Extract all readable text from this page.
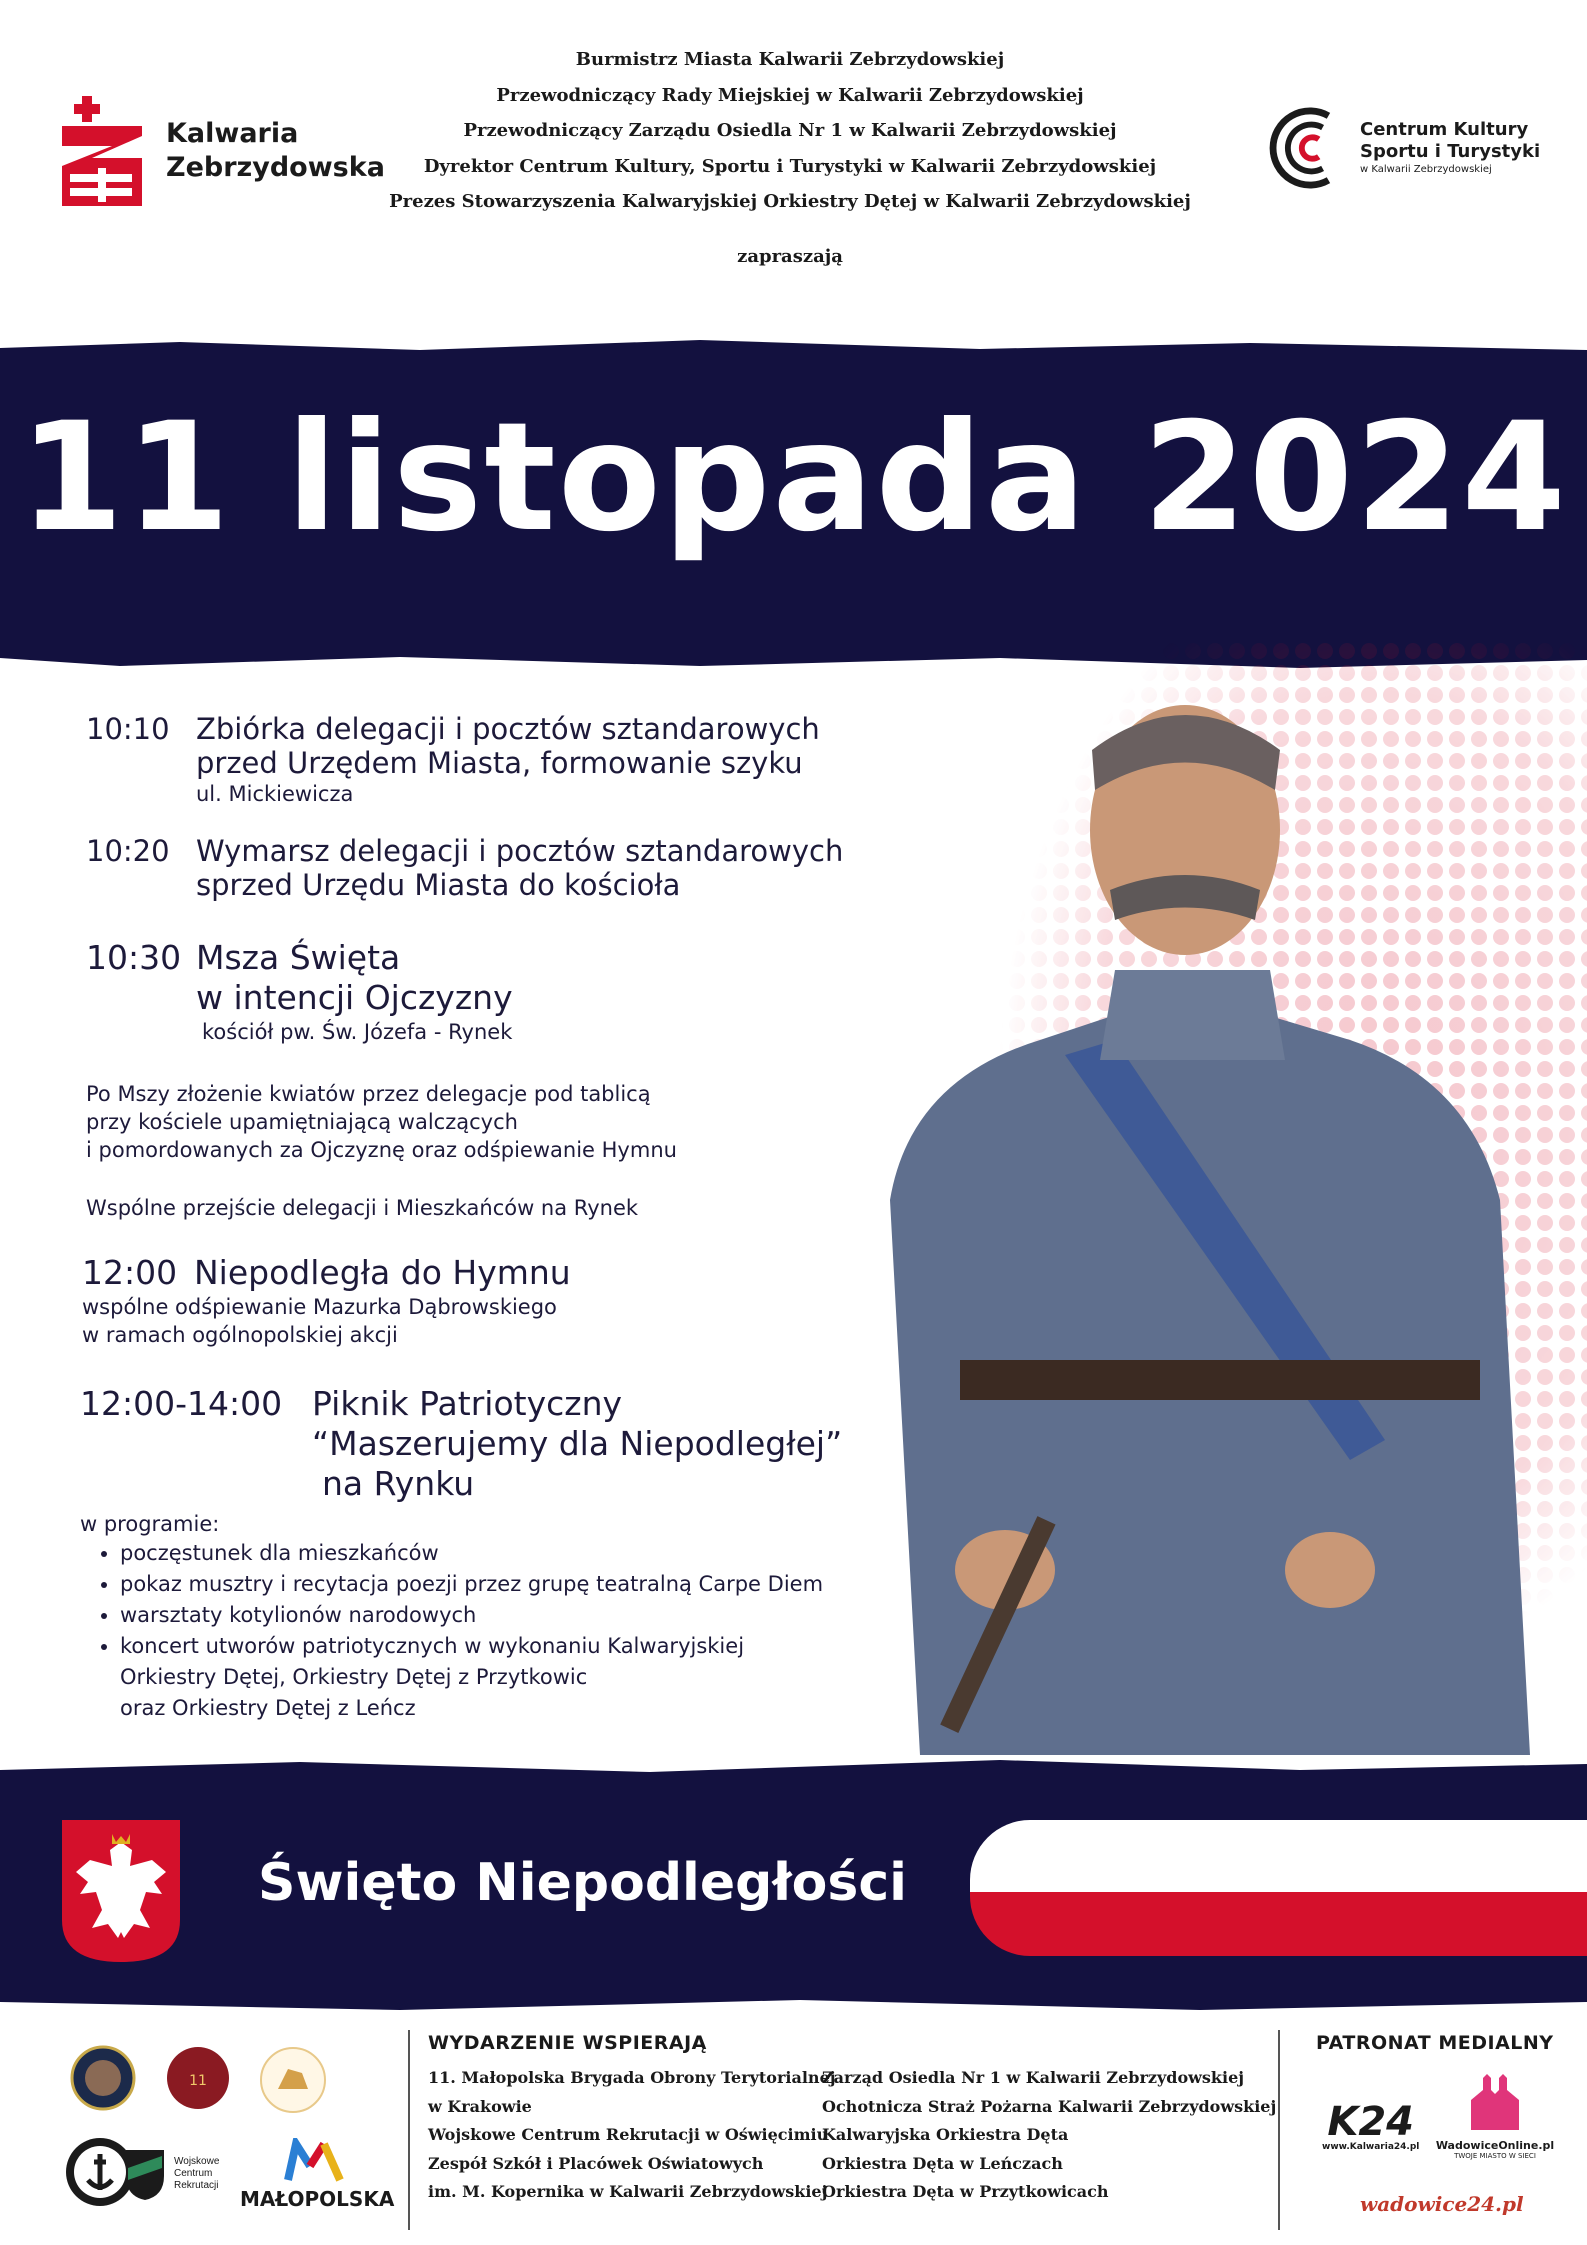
Kalwaria
Zebrzydowska
Burmistrz Miasta Kalwarii Zebrzydowskiej
Przewodniczący Rady Miejskiej w Kalwarii Zebrzydowskiej
Przewodniczący Zarządu Osiedla Nr 1 w Kalwarii Zebrzydowskiej
Dyrektor Centrum Kultury, Sportu i Turystyki w Kalwarii Zebrzydowskiej
Prezes Stowarzyszenia Kalwaryjskiej Orkiestry Dętej w Kalwarii Zebrzydowskiej
zapraszają
Centrum Kultury
Sportu i Turystyki
w Kalwarii Zebrzydowskiej
11 listopada 2024
10:10 Zbiórka delegacji i pocztów sztandarowych
przed Urzędem Miasta, formowanie szyku
ul. Mickiewicza
10:20 Wymarsz delegacji i pocztów sztandarowych
sprzed Urzędu Miasta do kościoła
10:30 Msza Święta
w intencji Ojczyzny
kościół pw. Św. Józefa - Rynek
Po Mszy złożenie kwiatów przez delegacje pod tablicą
przy kościele upamiętniającą walczących
i pomordowanych za Ojczyznę oraz odśpiewanie Hymnu
Wspólne przejście delegacji i Mieszkańców na Rynek
12:00 Niepodległa do Hymnu
wspólne odśpiewanie Mazurka Dąbrowskiego
w ramach ogólnopolskiej akcji
12:00-14:00 Piknik Patriotyczny
“Maszerujemy dla Niepodległej”
na Rynku
w programie:
• poczęstunek dla mieszkańców
• pokaz musztry i recytacja poezji przez grupę teatralną Carpe Diem
• warsztaty kotylionów narodowych
• koncert utworów patriotycznych w wykonaniu Kalwaryjskiej
Orkiestry Dętej, Orkiestry Dętej z Przytkowic
oraz Orkiestry Dętej z Leńcz
Święto Niepodległości
11
Wojskowe Centrum Rekrutacji
MAŁOPOLSKA
WYDARZENIE WSPIERAJĄ
11. Małopolska Brygada Obrony Terytorialnej
w Krakowie
Wojskowe Centrum Rekrutacji w Oświęcimiu
Zespół Szkół i Placówek Oświatowych
im. M. Kopernika w Kalwarii Zebrzydowskiej
Zarząd Osiedla Nr 1 w Kalwarii Zebrzydowskiej
Ochotnicza Straż Pożarna Kalwarii Zebrzydowskiej
Kalwaryjska Orkiestra Dęta
Orkiestra Dęta w Leńczach
Orkiestra Dęta w Przytkowicach
PATRONAT MEDIALNY
K24
www.Kalwaria24.pl	WadowiceOnline.pl
TWOJE MIASTO W SIECI
wadowice24.pl
